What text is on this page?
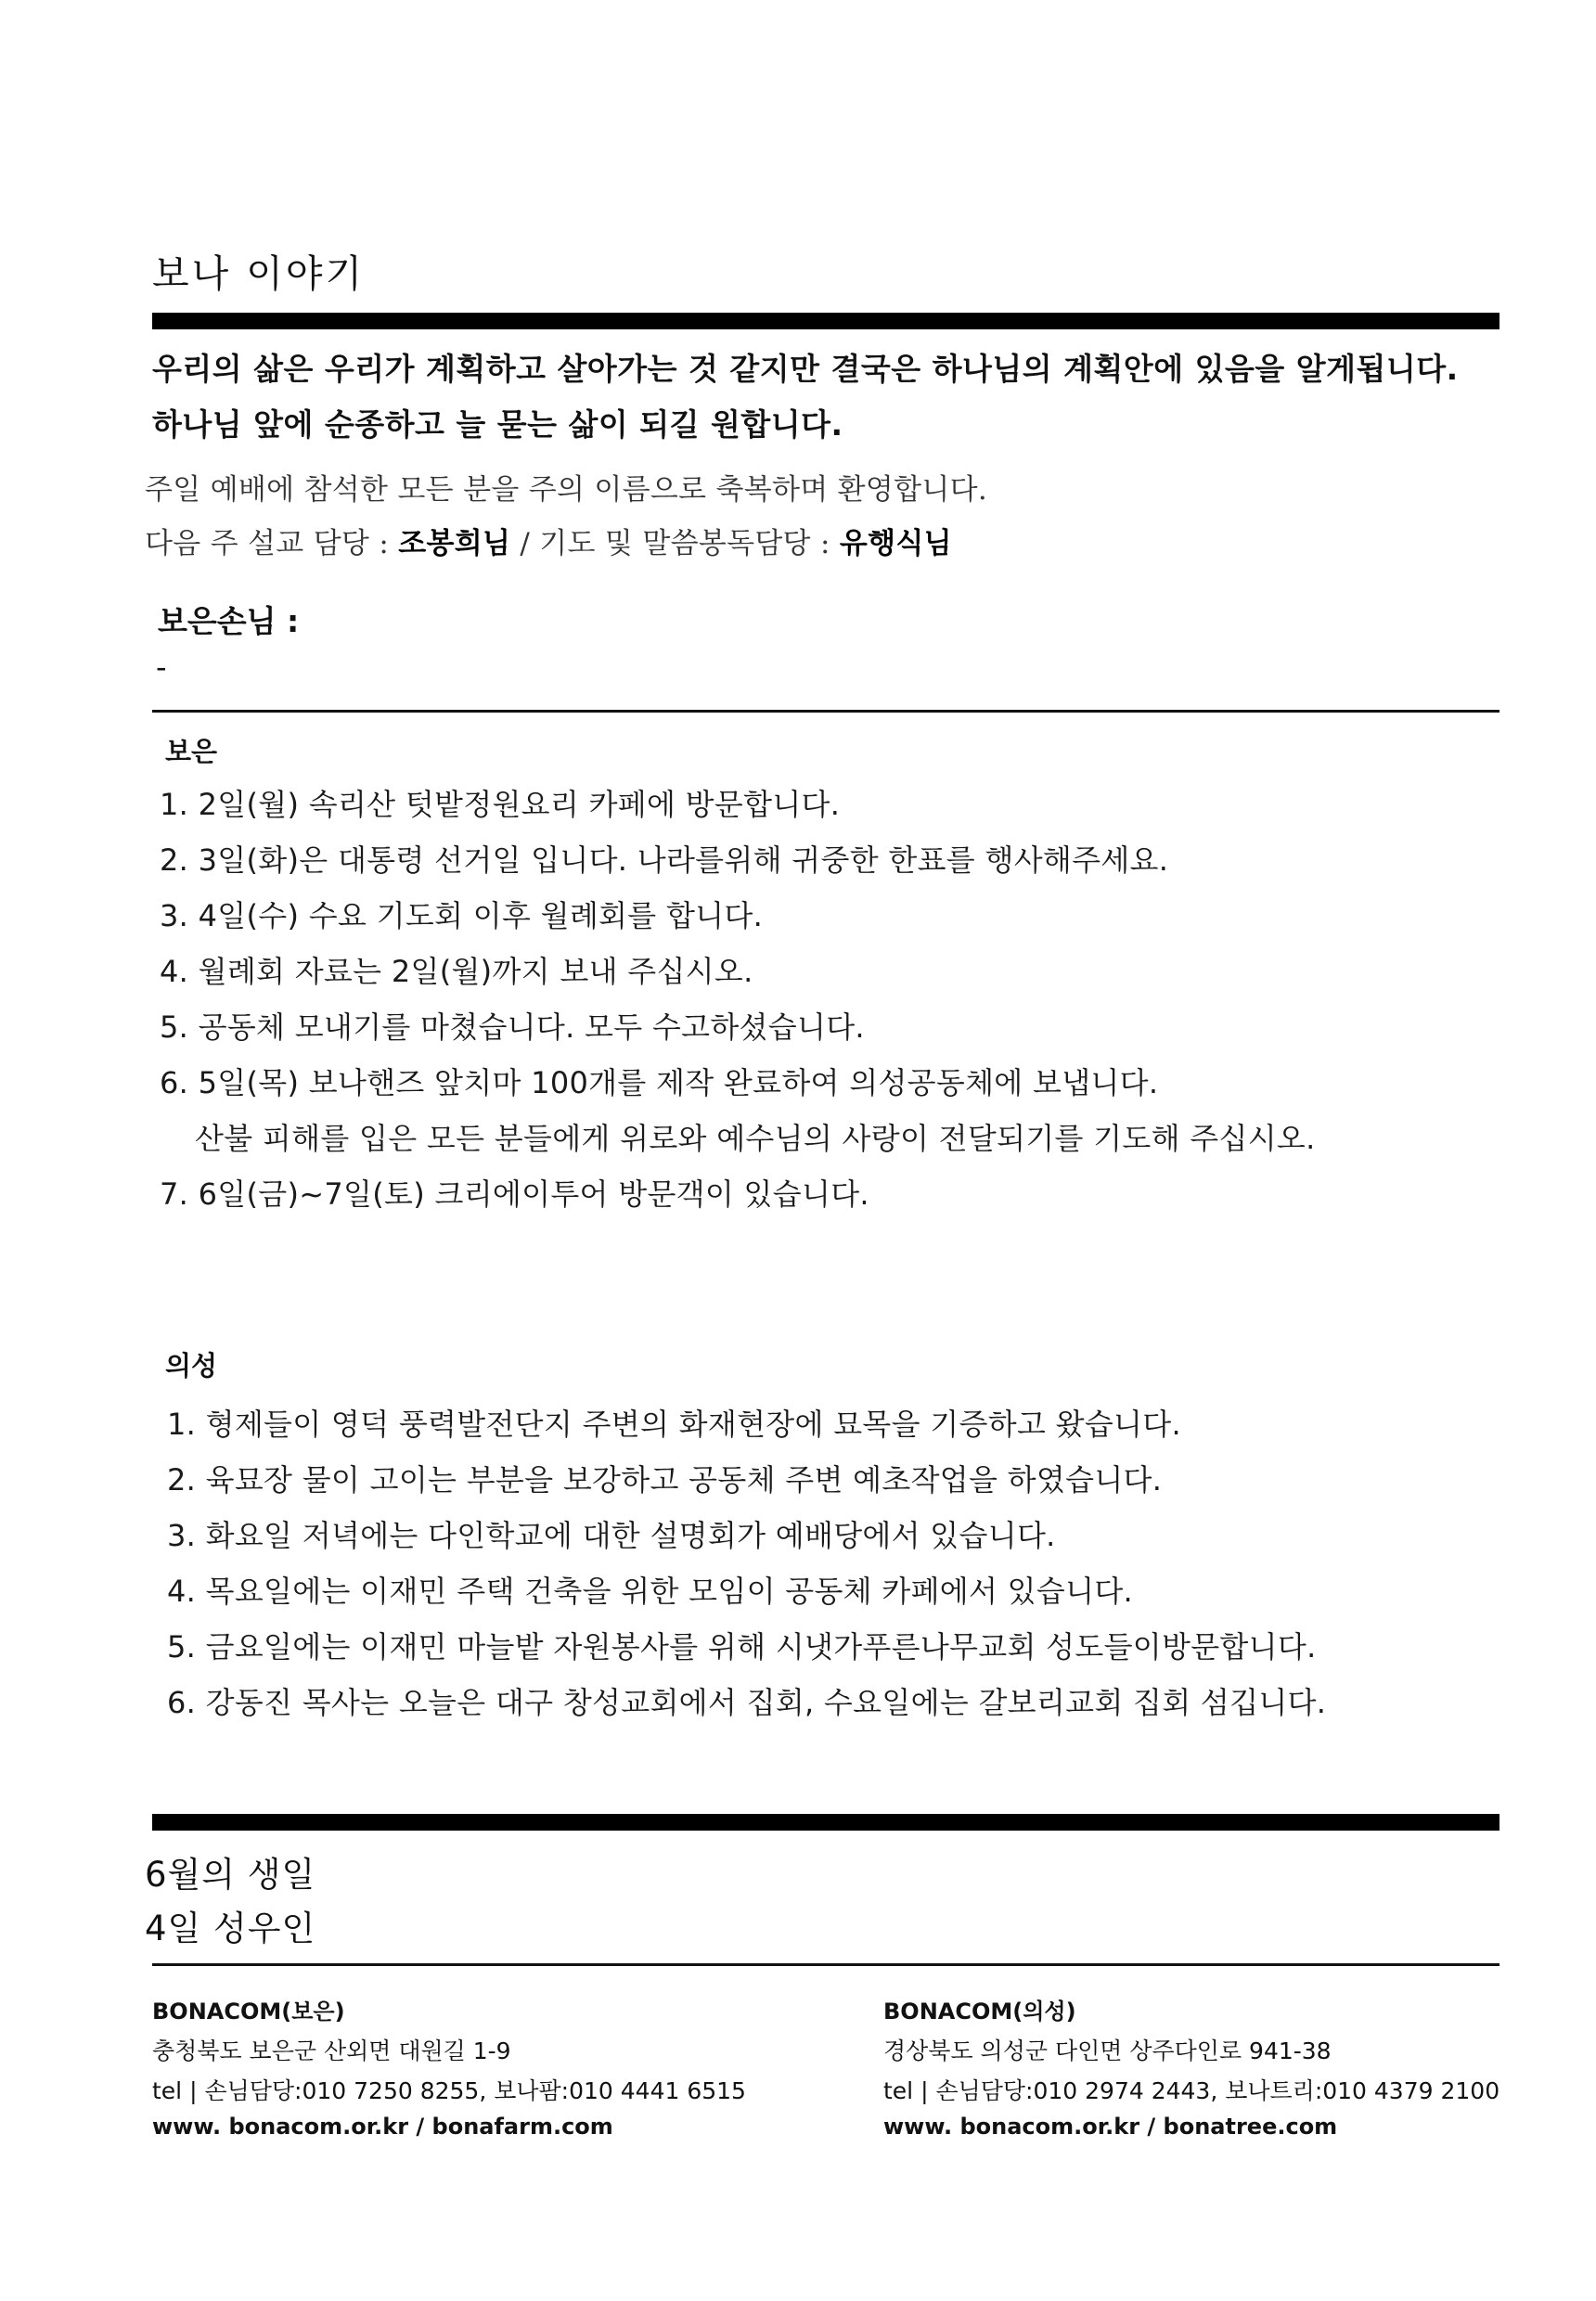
보나 이야기
우리의 삶은 우리가 계획하고 살아가는 것 같지만 결국은 하나님의 계획안에 있음을 알게됩니다.
하나님 앞에 순종하고 늘 묻는 삶이 되길 원합니다.
주일 예배에 참석한 모든 분을 주의 이름으로 축복하며 환영합니다.
다음 주 설교 담당 : 조봉희님 / 기도 및 말씀봉독담당 : 유행식님
보은손님 :
-
보은
1. 2일(월) 속리산 텃밭정원요리 카페에 방문합니다.
2. 3일(화)은 대통령 선거일 입니다. 나라를위해 귀중한 한표를 행사해주세요.
3. 4일(수) 수요 기도회 이후 월례회를 합니다.
4. 월례회 자료는 2일(월)까지 보내 주십시오.
5. 공동체 모내기를 마쳤습니다. 모두 수고하셨습니다.
6. 5일(목) 보나핸즈 앞치마 100개를 제작 완료하여 의성공동체에 보냅니다.
산불 피해를 입은 모든 분들에게 위로와 예수님의 사랑이 전달되기를 기도해 주십시오.
7. 6일(금)~7일(토) 크리에이투어 방문객이 있습니다.
의성
1. 형제들이 영덕 풍력발전단지 주변의 화재현장에 묘목을 기증하고 왔습니다.
2. 육묘장 물이 고이는 부분을 보강하고 공동체 주변 예초작업을 하였습니다.
3. 화요일 저녁에는 다인학교에 대한 설명회가 예배당에서 있습니다.
4. 목요일에는 이재민 주택 건축을 위한 모임이 공동체 카페에서 있습니다.
5. 금요일에는 이재민 마늘밭 자원봉사를 위해 시냇가푸른나무교회 성도들이방문합니다.
6. 강동진 목사는 오늘은 대구 창성교회에서 집회, 수요일에는 갈보리교회 집회 섬깁니다.
6월의 생일
4일 성우인
BONACOM(보은)
충청북도 보은군 산외면 대원길 1-9
tel | 손님담당:010 7250 8255, 보나팜:010 4441 6515
www. bonacom.or.kr / bonafarm.com
BONACOM(의성)
경상북도 의성군 다인면 상주다인로 941-38
tel | 손님담당:010 2974 2443, 보나트리:010 4379 2100
www. bonacom.or.kr / bonatree.com
